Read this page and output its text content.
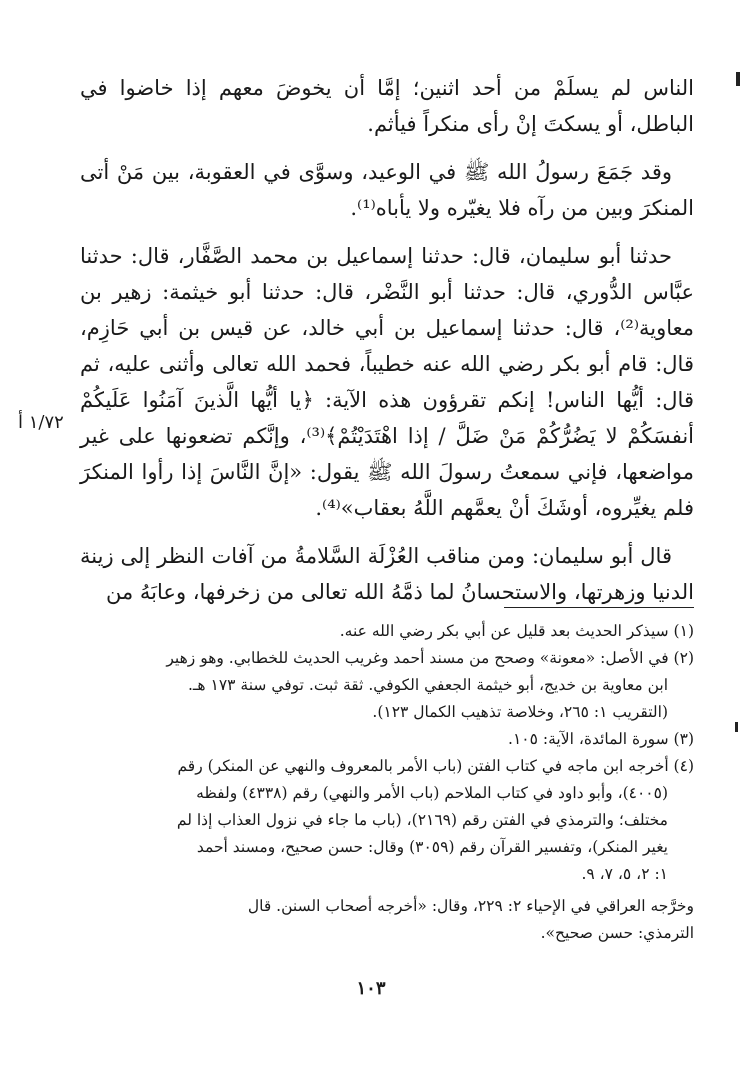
الناس لم يسلَمْ من أحد اثنين؛ إمَّا أن يخوضَ معهم إذا خاضوا في الباطل، أو يسكتَ إنْ رأى منكراً فيأثم.

وقد جَمَعَ رسولُ الله ﷺ في الوعيد، وسوَّى في العقوبة، بين مَنْ أتى المنكرَ وبين من رآه فلا يغيّره ولا يأباه⁽¹⁾.

حدثنا أبو سليمان، قال: حدثنا إسماعيل بن محمد الصَّفَّار، قال: حدثنا عبَّاس الدُّوري، قال: حدثنا أبو النَّضْر، قال: حدثنا أبو خيثمة: زهير بن معاوية⁽²⁾، قال: حدثنا إسماعيل بن أبي خالد، عن قيس بن أبي حَازِم، قال: قام أبو بكر رضي الله عنه خطيباً، فحمد الله تعالى وأثنى عليه، ثم قال: أيُّها الناس! إنكم تقرؤون هذه الآية: ﴿يا أيُّها الَّذينَ آمَنُوا عَلَيكُمْ أنفسَكُمْ لا يَضُرُّكُمْ مَنْ ضَلَّ / إذا اهْتَدَيْتُمْ﴾⁽³⁾، وإنَّكم تضعونها على غير مواضعها، فإني سمعتُ رسولَ الله ﷺ يقول: «إنَّ النَّاسَ إذا رأوا المنكرَ فلم يغيِّروه، أوشَكَ أنْ يعمَّهم اللَّهُ بعقاب»⁽⁴⁾.

قال أبو سليمان: ومن مناقب العُزْلَة السَّلامةُ من آفات النظر إلى زينة الدنيا وزهرتها، والاستحسانُ لما ذمَّهُ الله تعالى من زخرفها، وعابَهُ من

١/٧٢ أ

(١) سيذكر الحديث بعد قليل عن أبي بكر رضي الله عنه.

(٢) في الأصل: «معونة» وصحح من مسند أحمد وغريب الحديث للخطابي. وهو زهير

ابن معاوية بن خديج، أبو خيثمة الجعفي الكوفي. ثقة ثبت. توفي سنة ١٧٣ هـ.

(التقريب ١: ٢٦٥، وخلاصة تذهيب الكمال ١٢٣).

(٣) سورة المائدة، الآية: ١٠٥.

(٤) أخرجه ابن ماجه في كتاب الفتن (باب الأمر بالمعروف والنهي عن المنكر) رقم

(٤٠٠٥)، وأبو داود في كتاب الملاحم (باب الأمر والنهي) رقم (٤٣٣٨) ولفظه

مختلف؛ والترمذي في الفتن رقم (٢١٦٩)، (باب ما جاء في نزول العذاب إذا لم

يغير المنكر)، وتفسير القرآن رقم (٣٠٥٩) وقال: حسن صحيح، ومسند أحمد

١: ٢، ٥، ٧، ٩.

وخرَّجه العراقي في الإحياء ٢: ٢٢٩، وقال: «أخرجه أصحاب السنن. قال

الترمذي: حسن صحيح».

١٠٣
